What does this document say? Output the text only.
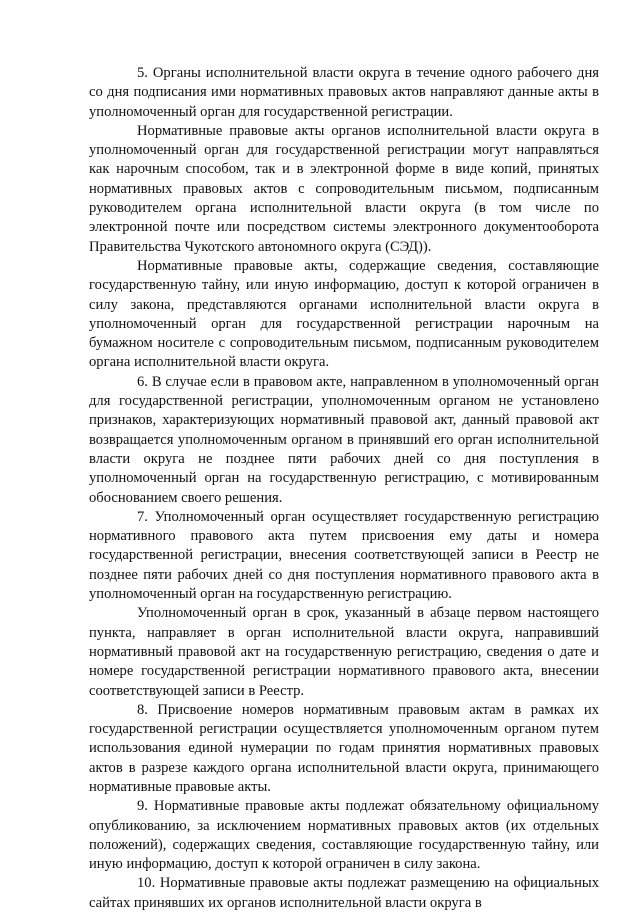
5. Органы исполнительной власти округа в течение одного рабочего дня со дня подписания ими нормативных правовых актов направляют данные акты в уполномоченный орган для государственной регистрации.

Нормативные правовые акты органов исполнительной власти округа в уполномоченный орган для государственной регистрации могут направляться как нарочным способом, так и в электронной форме в виде копий, принятых нормативных правовых актов с сопроводительным письмом, подписанным руководителем органа исполнительной власти округа (в том числе по электронной почте или посредством системы электронного документооборота Правительства Чукотского автономного округа (СЭД)).

Нормативные правовые акты, содержащие сведения, составляющие государственную тайну, или иную информацию, доступ к которой ограничен в силу закона, представляются органами исполнительной власти округа в уполномоченный орган для государственной регистрации нарочным на бумажном носителе с сопроводительным письмом, подписанным руководителем органа исполнительной власти округа.

6. В случае если в правовом акте, направленном в уполномоченный орган для государственной регистрации, уполномоченным органом не установлено признаков, характеризующих нормативный правовой акт, данный правовой акт возвращается уполномоченным органом в принявший его орган исполнительной власти округа не позднее пяти рабочих дней со дня поступления в уполномоченный орган на государственную регистрацию, с мотивированным обоснованием своего решения.

7. Уполномоченный орган осуществляет государственную регистрацию нормативного правового акта путем присвоения ему даты и номера государственной регистрации, внесения соответствующей записи в Реестр не позднее пяти рабочих дней со дня поступления нормативного правового акта в уполномоченный орган на государственную регистрацию.

Уполномоченный орган в срок, указанный в абзаце первом настоящего пункта, направляет в орган исполнительной власти округа, направивший нормативный правовой акт на государственную регистрацию, сведения о дате и номере государственной регистрации нормативного правового акта, внесении соответствующей записи в Реестр.

8. Присвоение номеров нормативным правовым актам в рамках их государственной регистрации осуществляется уполномоченным органом путем использования единой нумерации по годам принятия нормативных правовых актов в разрезе каждого органа исполнительной власти округа, принимающего нормативные правовые акты.

9. Нормативные правовые акты подлежат обязательному официальному опубликованию, за исключением нормативных правовых актов (их отдельных положений), содержащих сведения, составляющие государственную тайну, или иную информацию, доступ к которой ограничен в силу закона.

10. Нормативные правовые акты подлежат размещению на официальных сайтах принявших их органов исполнительной власти округа в
